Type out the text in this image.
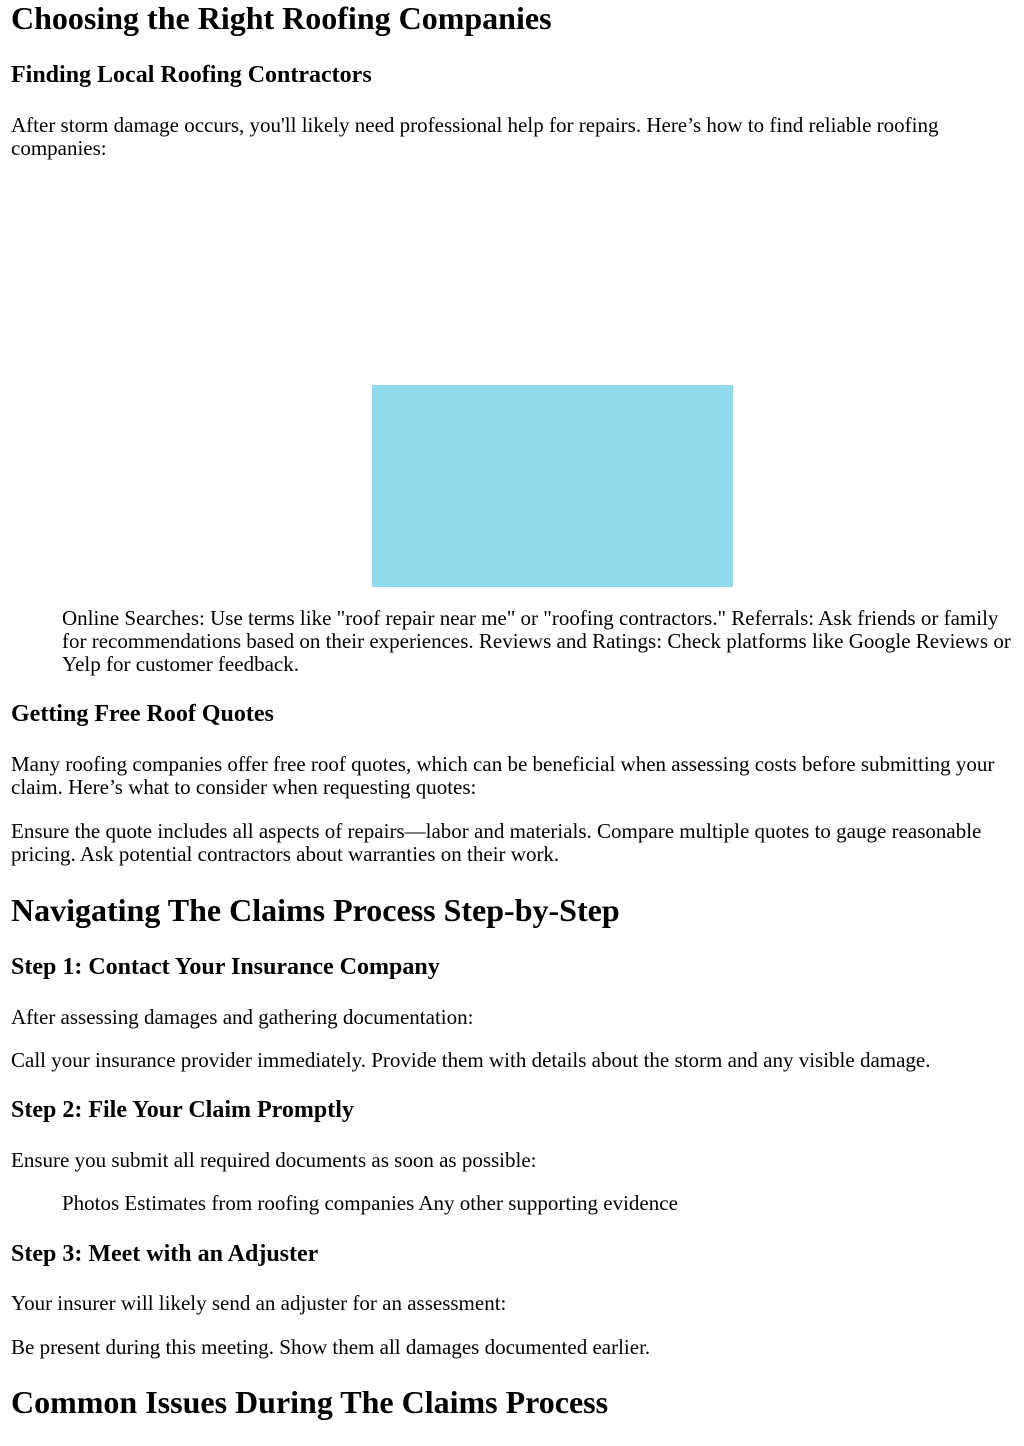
Choosing the Right Roofing Companies
Finding Local Roofing Contractors

After storm damage occurs, you'll likely need professional help for repairs. Here’s how to find reliable roofing companies:

Online Searches: Use terms like "roof repair near me" or "roofing contractors." Referrals: Ask friends or family for recommendations based on their experiences. Reviews and Ratings: Check platforms like Google Reviews or Yelp for customer feedback.

Getting Free Roof Quotes

Many roofing companies offer free roof quotes, which can be beneficial when assessing costs before submitting your claim. Here’s what to consider when requesting quotes:

Ensure the quote includes all aspects of repairs—labor and materials. Compare multiple quotes to gauge reasonable pricing. Ask potential contractors about warranties on their work.

Navigating The Claims Process Step-by-Step
Step 1: Contact Your Insurance Company

After assessing damages and gathering documentation:

Call your insurance provider immediately. Provide them with details about the storm and any visible damage.

Step 2: File Your Claim Promptly

Ensure you submit all required documents as soon as possible:

Photos Estimates from roofing companies Any other supporting evidence

Step 3: Meet with an Adjuster

Your insurer will likely send an adjuster for an assessment:

Be present during this meeting. Show them all damages documented earlier.

Common Issues During The Claims Process
